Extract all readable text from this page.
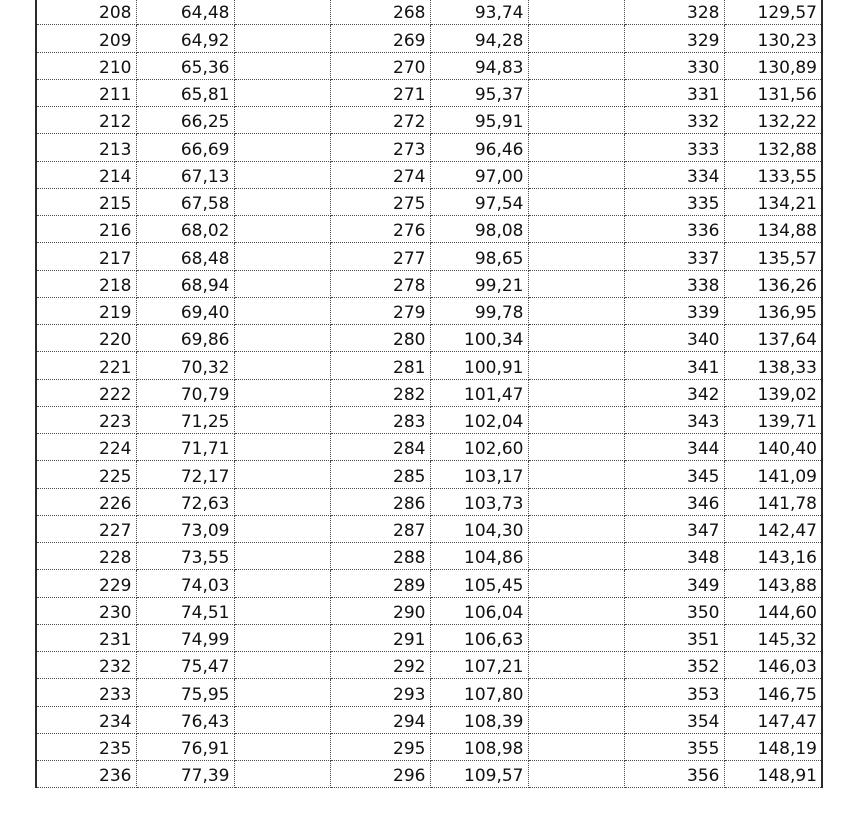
208	64,48		268	93,74		328	129,57
209	64,92		269	94,28		329	130,23
210	65,36		270	94,83		330	130,89
211	65,81		271	95,37		331	131,56
212	66,25		272	95,91		332	132,22
213	66,69		273	96,46		333	132,88
214	67,13		274	97,00		334	133,55
215	67,58		275	97,54		335	134,21
216	68,02		276	98,08		336	134,88
217	68,48		277	98,65		337	135,57
218	68,94		278	99,21		338	136,26
219	69,40		279	99,78		339	136,95
220	69,86		280	100,34		340	137,64
221	70,32		281	100,91		341	138,33
222	70,79		282	101,47		342	139,02
223	71,25		283	102,04		343	139,71
224	71,71		284	102,60		344	140,40
225	72,17		285	103,17		345	141,09
226	72,63		286	103,73		346	141,78
227	73,09		287	104,30		347	142,47
228	73,55		288	104,86		348	143,16
229	74,03		289	105,45		349	143,88
230	74,51		290	106,04		350	144,60
231	74,99		291	106,63		351	145,32
232	75,47		292	107,21		352	146,03
233	75,95		293	107,80		353	146,75
234	76,43		294	108,39		354	147,47
235	76,91		295	108,98		355	148,19
236	77,39		296	109,57		356	148,91
